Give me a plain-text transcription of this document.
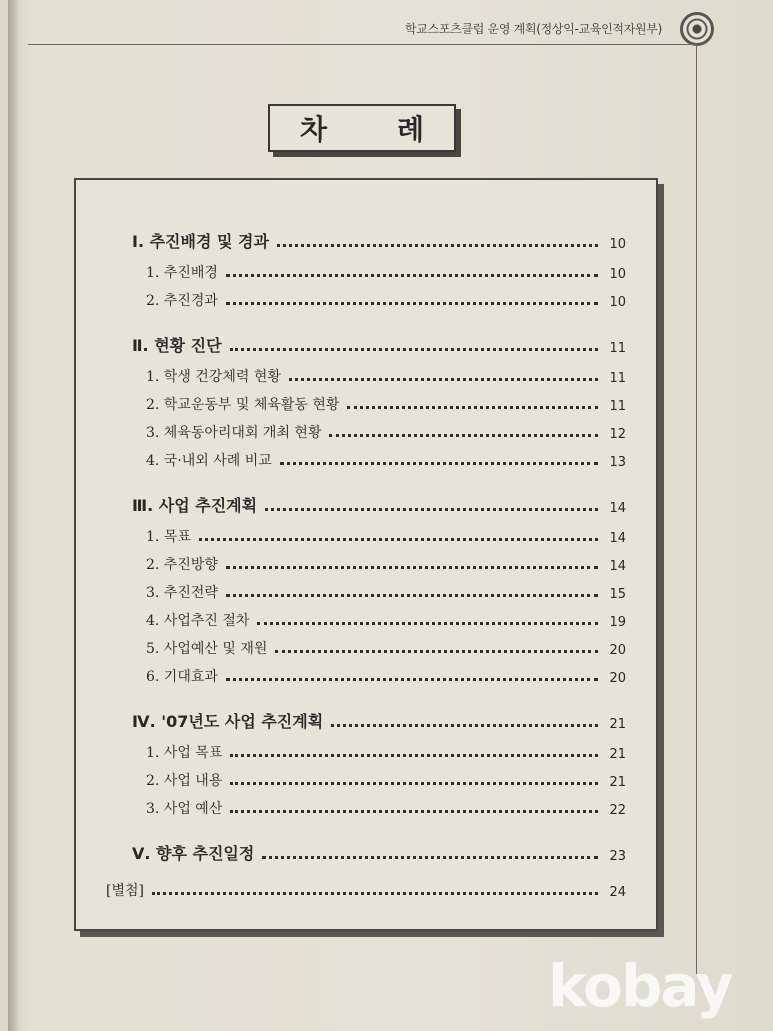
학교스포츠클럽 운영 계획(정상익-교육인적자원부)
차	례
Ⅰ. 추진배경 및 경과	10
1. 추진배경	10
2. 추진경과	10
Ⅱ. 현황 진단	11
1. 학생 건강체력 현황	11
2. 학교운동부 및 체육활동 현황	11
3. 체육동아리대회 개최 현황	12
4. 국·내외 사례 비교	13
Ⅲ. 사업 추진계획	14
1. 목표	14
2. 추진방향	14
3. 추진전략	15
4. 사업추진 절차	19
5. 사업예산 및 재원	20
6. 기대효과	20
Ⅳ. '07년도 사업 추진계획	21
1. 사업 목표	21
2. 사업 내용	21
3. 사업 예산	22
Ⅴ. 향후 추진일정	23
[별첨]	24
kobay
